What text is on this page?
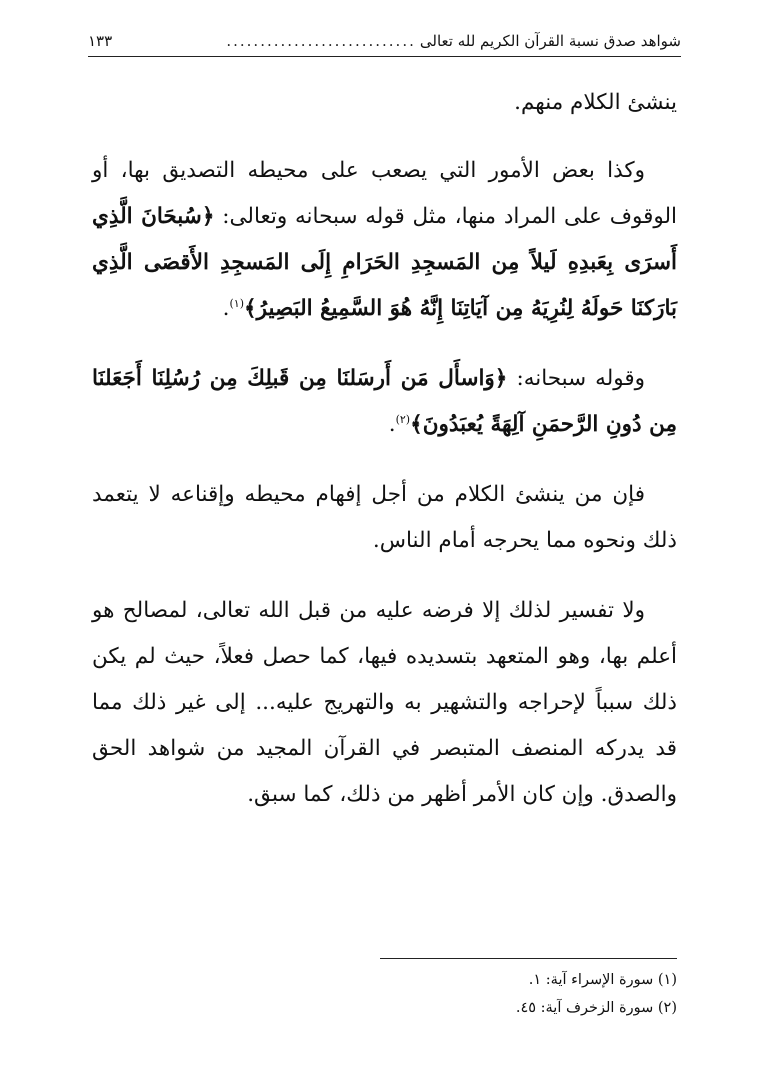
شواهد صدق نسبة القرآن الكريم لله تعالى
............................
١٣٣

ينشئ الكلام منهم.

وكذا بعض الأمور التي يصعب على محيطه التصديق بها، أو الوقوف على المراد منها، مثل قوله سبحانه وتعالى: ﴿سُبحَانَ الَّذِي أَسرَى بِعَبدِهِ لَيلاً مِن المَسجِدِ الحَرَامِ إِلَى المَسجِدِ الأَقصَى الَّذِي بَارَكنَا حَولَهُ لِنُرِيَهُ مِن آيَاتِنَا إِنَّهُ هُوَ السَّمِيعُ البَصِيرُ﴾$^{(١)}$.

وقوله سبحانه: ﴿وَاسأَل مَن أَرسَلنَا مِن قَبلِكَ مِن رُسُلِنَا أَجَعَلنَا مِن دُونِ الرَّحمَنِ آلِهَةً يُعبَدُونَ﴾$^{(٢)}$.

فإن من ينشئ الكلام من أجل إفهام محيطه وإقناعه لا يتعمد ذلك ونحوه مما يحرجه أمام الناس.

ولا تفسير لذلك إلا فرضه عليه من قبل الله تعالى، لمصالح هو أعلم بها، وهو المتعهد بتسديده فيها، كما حصل فعلاً، حيث لم يكن ذلك سبباً لإحراجه والتشهير به والتهريج عليه... إلى غير ذلك مما قد يدركه المنصف المتبصر في القرآن المجيد من شواهد الحق والصدق. وإن كان الأمر أظهر من ذلك، كما سبق.

(١) سورة الإسراء آية: ١.
(٢) سورة الزخرف آية: ٤٥.
